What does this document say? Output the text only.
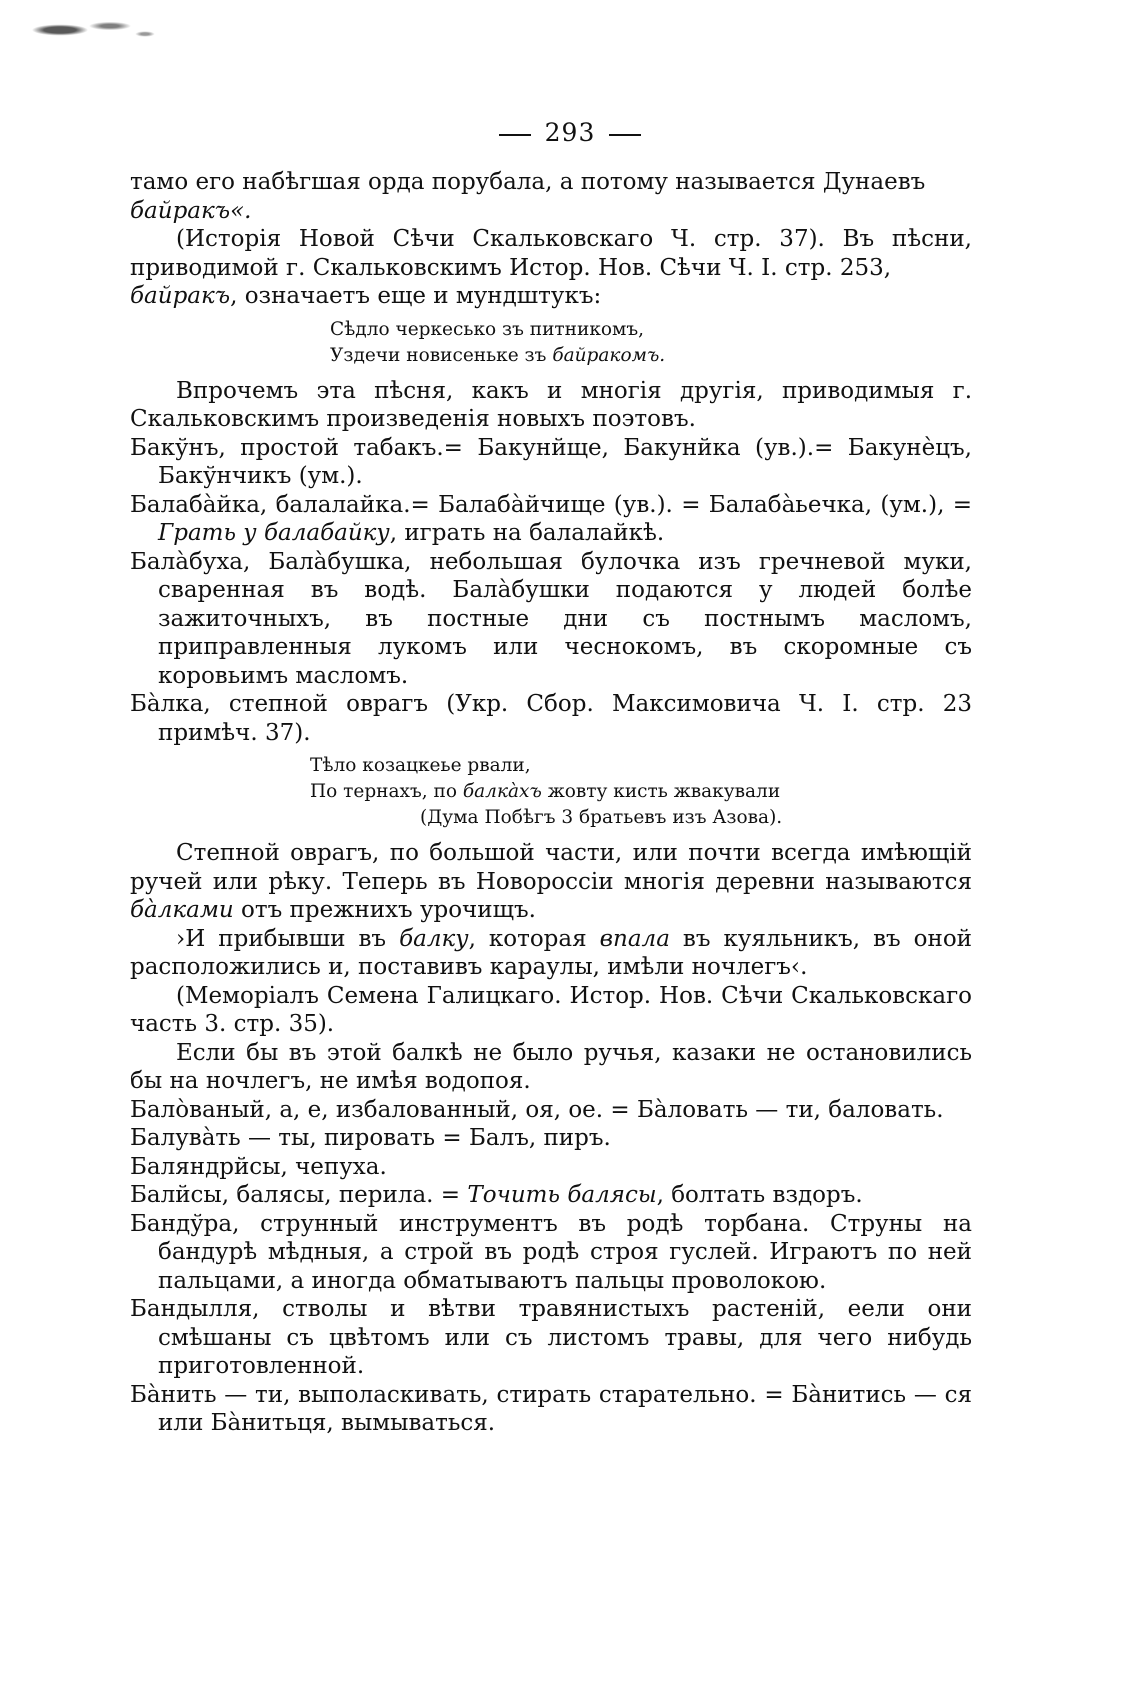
293

тамо его набѣгшая орда порубала, а потому называется Дунаевъ

байракъ«.

(Исторія Новой Сѣчи Скальковскаго Ч. стр. 37). Въ пѣсни, приводимой г. Скальковскимъ Истор. Нов. Сѣчи Ч. І. стр. 253,

байракъ, означаетъ еще и мундштукъ:

Сѣдло черкесько зъ питникомъ,
Уздечи новисеньке зъ байракомъ.

Впрочемъ эта пѣсня, какъ и многія другія, приводимыя г. Скальковскимъ произведенія новыхъ поэтовъ.

Бакўнъ, простой табакъ.= Бакунйще, Бакунйка (ув.).= Бакунѐцъ, Бакўнчикъ (ум.).

Балабàйка, балалайка.= Балабàйчище (ув.). = Балабàьечка, (ум.), = Грать у балабайку, играть на балалайкѣ.

Балàбуха, Балàбушка, небольшая булочка изъ гречневой муки, сваренная въ водѣ. Балàбушки подаются у людей болѣе зажиточныхъ, въ постные дни съ постнымъ масломъ, приправленныя лукомъ или чеснокомъ, въ скоромные съ коровьимъ масломъ.

Бàлка, степной оврагъ (Укр. Сбор. Максимовича Ч. І. стр. 23 примѣч. 37).

Тѣло козацкеье рвали,
По тернахъ, по балкàхъ жовту кисть жвакували
(Дума Побѣгъ 3 братьевъ изъ Азова).

Степной оврагъ, по большой части, или почти всегда имѣющій ручей или рѣку. Теперь въ Новороссіи многія деревни называются бàлками отъ прежнихъ урочищъ.

›И прибывши въ балку, которая впала въ куяльникъ, въ оной расположились и, поставивъ караулы, имѣли ночлегъ‹.

(Меморіалъ Семена Галицкаго. Истор. Нов. Сѣчи Скальковскаго часть 3. стр. 35).

Если бы въ этой балкѣ не было ручья, казаки не остановились бы на ночлегъ, не имѣя водопоя.

Балòваный, а, е, избалованный, оя, ое. = Бàловать — ти, баловать.

Балувàть — ты, пировать = Балъ, пиръ.

Баляндрйсы, чепуха.

Балйсы, балясы, перила. = Точить балясы, болтать вздоръ.

Бандўра, струнный инструментъ въ родѣ торбана. Струны на бандурѣ мѣдныя, а строй въ родѣ строя гуслей. Играютъ по ней пальцами, а иногда обматываютъ пальцы проволокою.

Бандылля, стволы и вѣтви травянистыхъ растеній, еели они смѣшаны съ цвѣтомъ или съ листомъ травы, для чего нибудь приготовленной.

Бàнить — ти, выполаскивать, стирать старательно. = Бàнитись — ся или Бàнитьця, вымываться.
